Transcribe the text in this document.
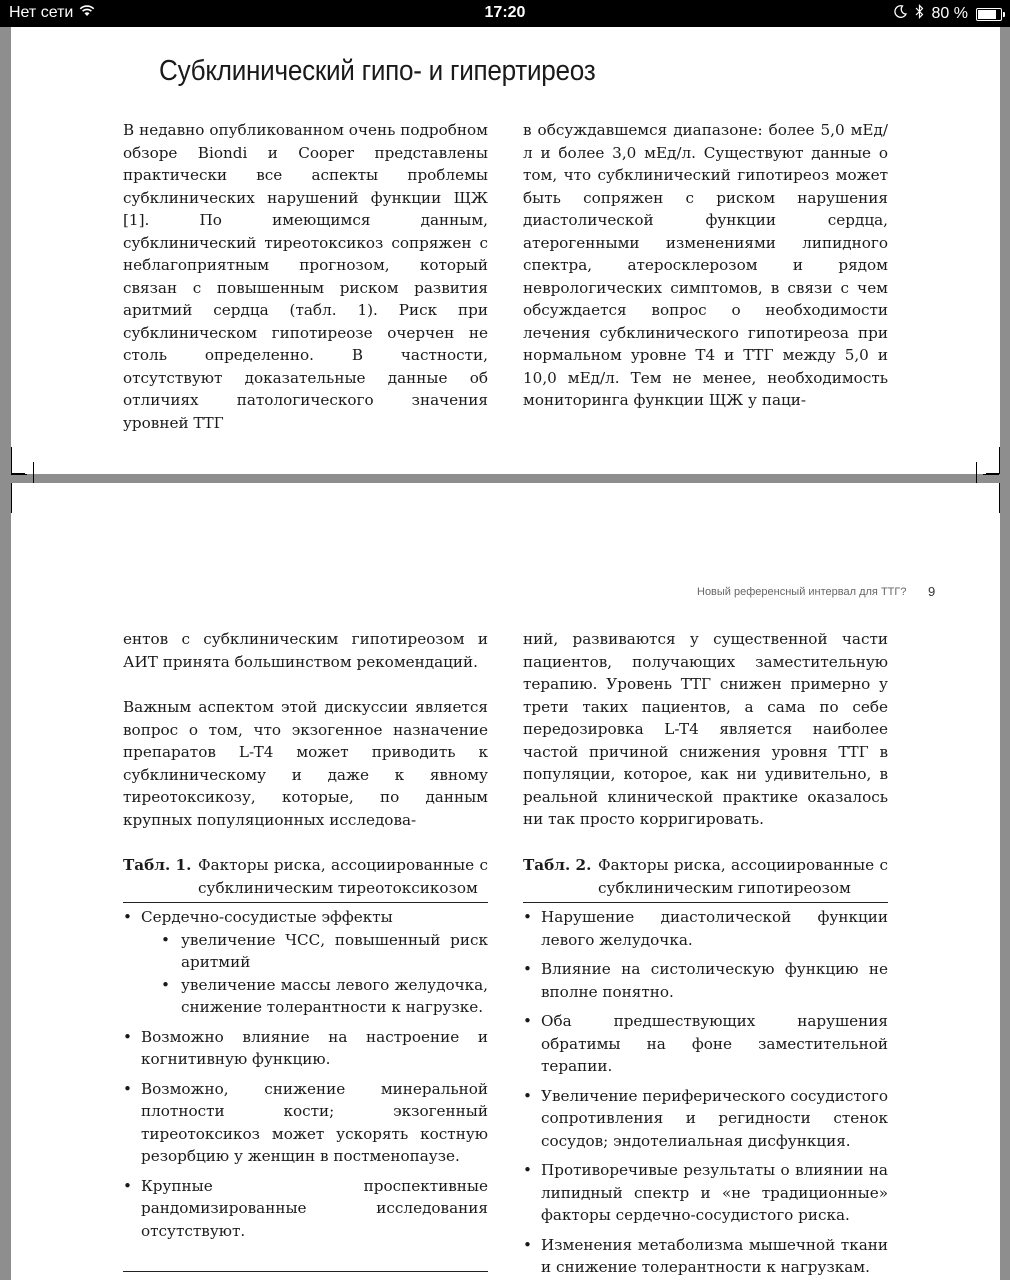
Нет сети	17:20	80 %
Субклинический гипо- и гипертиреоз

В недавно опубликованном очень подробном обзоре Biondi и Cooper представлены практически все аспекты проблемы субклинических нарушений функции ЩЖ [1]. По имеющимся данным, субклинический тиреотоксикоз сопряжен с неблагоприятным прогнозом, который связан с повышенным риском развития аритмий сердца (табл. 1). Риск при субклиническом гипотиреозе очерчен не столь определенно. В частности, отсутствуют доказательные данные об отличиях патологического значения уровней ТТГ

в обсуждавшемся диапазоне: более 5,0 мЕд/л и более 3,0 мЕд/л. Существуют данные о том, что субклинический гипотиреоз может быть сопряжен с риском нарушения диастолической функции сердца, атерогенными изменениями липидного спектра, атеросклерозом и рядом неврологических симптомов, в связи с чем обсуждается вопрос о необходимости лечения субклинического гипотиреоза при нормальном уровне Т4 и ТТГ между 5,0 и 10,0 мЕд/л. Тем не менее, необходимость мониторинга функции ЩЖ у паци-

Новый референсный интервал для ТТГ? 9

ентов с субклиническим гипотиреозом и АИТ принята большинством рекомендаций.

Важным аспектом этой дискуссии является вопрос о том, что экзогенное назначение препаратов L-T4 может приводить к субклиническому и даже к явному тиреотоксикозу, которые, по данным крупных популяционных исследова-

ний, развиваются у существенной части пациентов, получающих заместительную терапию. Уровень ТТГ снижен примерно у трети таких пациентов, а сама по себе передозировка L-T4 является наиболее частой причиной снижения уровня ТТГ в популяции, которое, как ни удивительно, в реальной клинической практике оказалось ни так просто корригировать.

Табл. 1. Факторы риска, ассоциированные с субклиническим тиреотоксикозом
• Сердечно-сосудистые эффекты
• увеличение ЧСС, повышенный риск аритмий
• увеличение массы левого желудочка, снижение толерантности к нагрузке.
• Возможно влияние на настроение и когнитивную функцию.
• Возможно, снижение минеральной плотности кости; экзогенный тиреотоксикоз может ускорять костную резорбцию у женщин в постменопаузе.
• Крупные проспективные рандомизированные исследования отсутствуют.
Табл. 2. Факторы риска, ассоциированные с субклиническим гипотиреозом
• Нарушение диастолической функции левого желудочка.
• Влияние на систолическую функцию не вполне понятно.
• Оба предшествующих нарушения обратимы на фоне заместительной терапии.
• Увеличение периферического сосудистого сопротивления и регидности стенок сосудов; эндотелиальная дисфункция.
• Противоречивые результаты о влиянии на липидный спектр и «не традиционные» факторы сердечно-сосудистого риска.
• Изменения метаболизма мышечной ткани и снижение толерантности к нагрузкам.
